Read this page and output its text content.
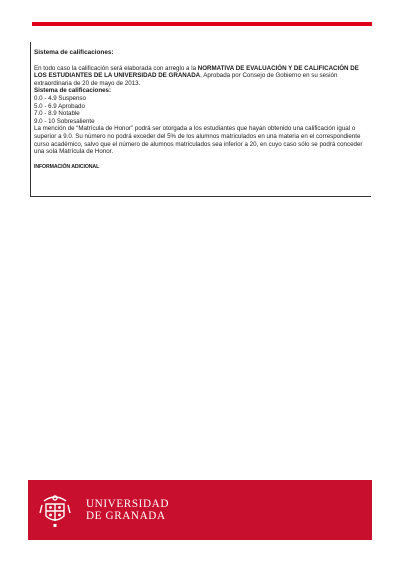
Sistema de calificaciones:

En todo caso la calificación será elaborada con arreglo a la NORMATIVA DE EVALUACIÓN Y DE CALIFICACIÓN DE LOS ESTUDIANTES DE LA UNIVERSIDAD DE GRANADA, Aprobada por Consejo de Gobierno en su sesión extraordinaria de 20 de mayo de 2013.

Sistema de calificaciones:

0.0 - 4.9 Suspenso
5.0 - 6.9 Aprobado
7.0 - 8.9 Notable
9.0 - 10 Sobresaliente

La mención de “Matrícula de Honor” podrá ser otorgada a los estudiantes que hayan obtenido una calificación igual o superior a 9.0. Su número no podrá exceder del 5% de los alumnos matriculados en una materia en el correspondiente curso académico, salvo que el número de alumnos matriculados sea inferior a 20, en cuyo caso sólo se podrá conceder una sola Matrícula de Honor.

INFORMACIÓN ADICIONAL

UNIVERSIDAD
DE GRANADA
